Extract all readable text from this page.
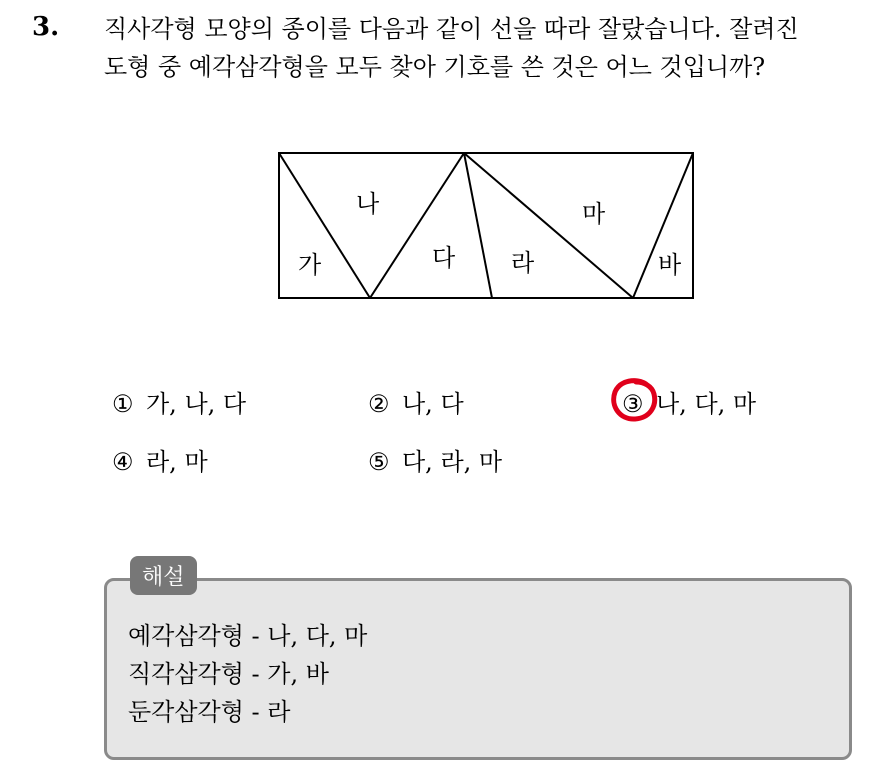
3. 직사각형 모양의 종이를 다음과 같이 선을 따라 잘랐습니다. 잘려진
도형 중 예각삼각형을 모두 찾아 기호를 쓴 것은 어느 것입니까?
가
나
다 라
마
바
① 가, 나, 다	② 나, 다	③ 나, 다, 마
④ 라, 마	⑤ 다, 라, 마
해설
예각삼각형 - 나, 다, 마
직각삼각형 - 가, 바
둔각삼각형 - 라
